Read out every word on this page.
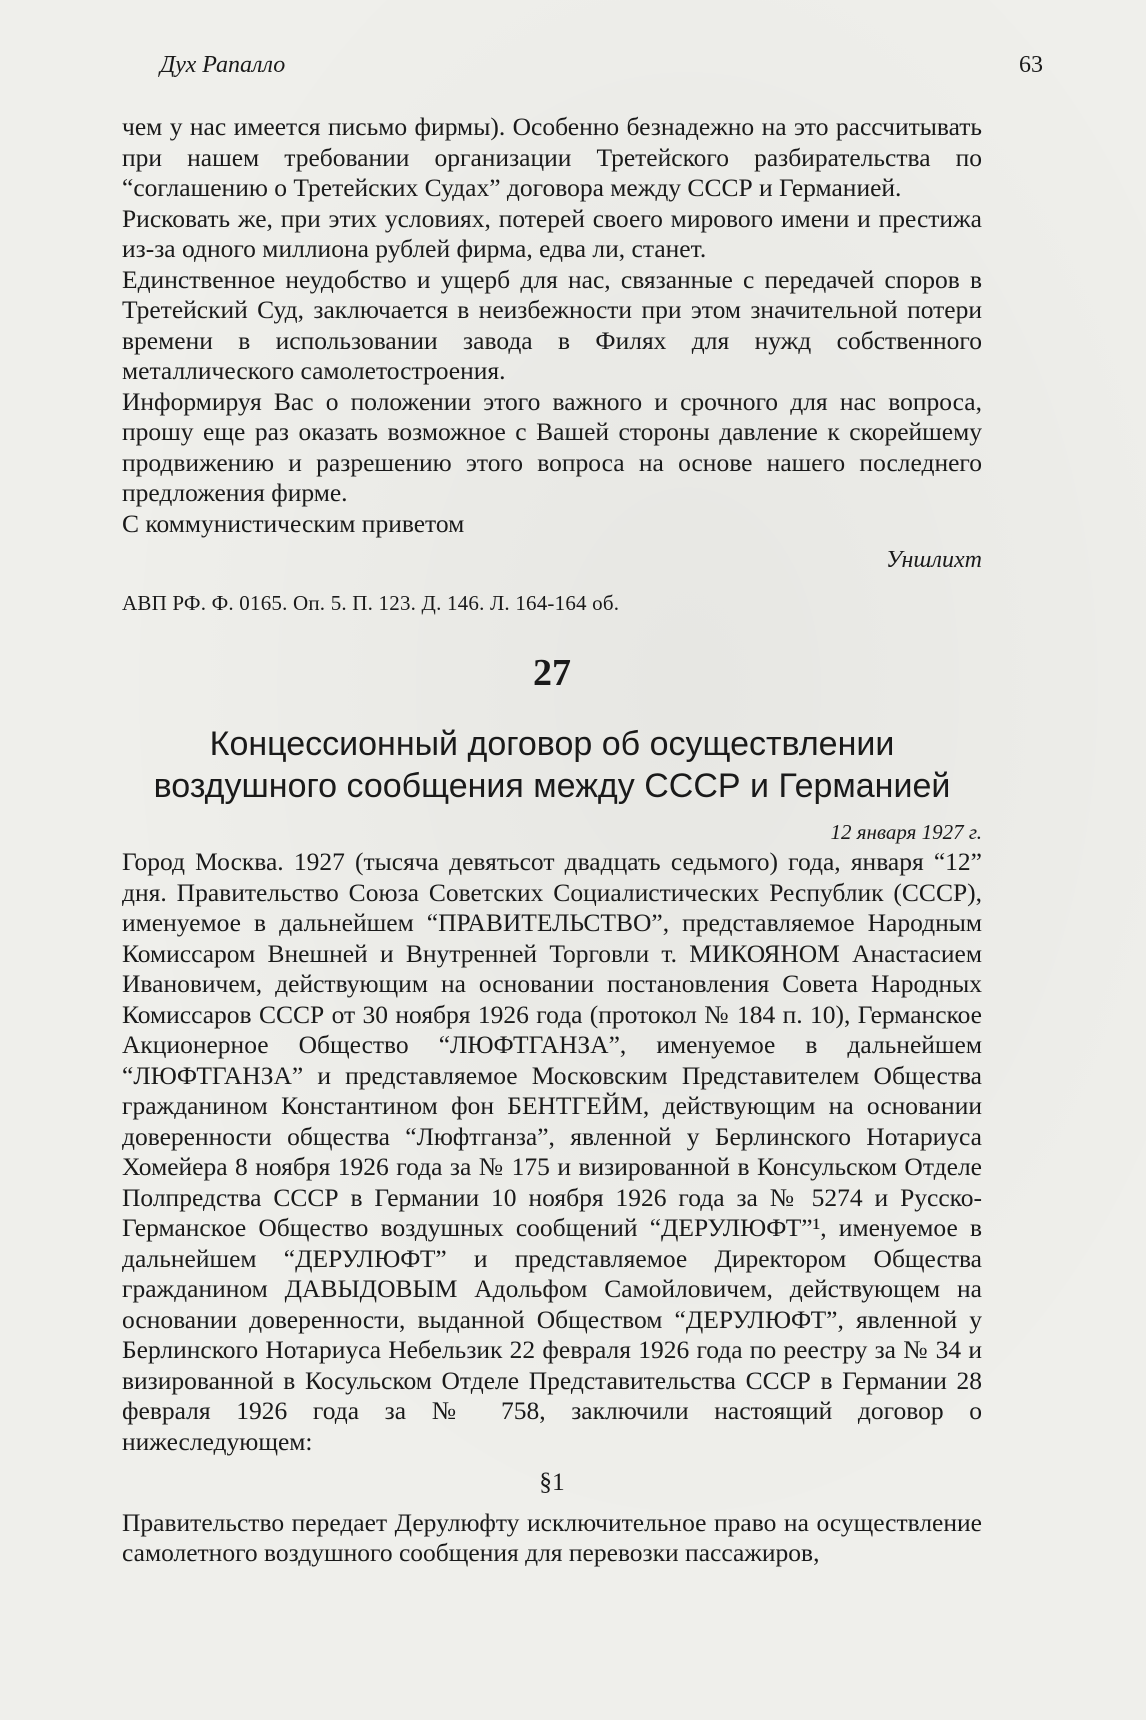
Дух Рапалло	63

чем у нас имеется письмо фирмы). Особенно безнадежно на это рассчитывать при нашем требовании организации Третейского разбирательства по “соглашению о Третейских Судах” договора между СССР и Германией.

Рисковать же, при этих условиях, потерей своего мирового имени и престижа из-за одного миллиона рублей фирма, едва ли, станет.

Единственное неудобство и ущерб для нас, связанные с передачей споров в Третейский Суд, заключается в неизбежности при этом значительной потери времени в использовании завода в Филях для нужд собственного металлического самолетостроения.

Информируя Вас о положении этого важного и срочного для нас вопроса, прошу еще раз оказать возможное с Вашей стороны давление к скорейшему продвижению и разрешению этого вопроса на основе нашего последнего предложения фирме.

С коммунистическим приветом

Уншлихт
АВП РФ. Ф. 0165. Оп. 5. П. 123. Д. 146. Л. 164-164 об.
27
Концессионный договор об осуществлении
воздушного сообщения между СССР и Германией
12 января 1927 г.

Город Москва. 1927 (тысяча девятьсот двадцать седьмого) года, января “12” дня. Правительство Союза Советских Социалистических Республик (СССР), именуемое в дальнейшем “ПРАВИТЕЛЬСТВО”, представляемое Народным Комиссаром Внешней и Внутренней Торговли т. МИКОЯНОМ Анастасием Ивановичем, действующим на основании постановления Совета Народных Комиссаров СССР от 30 ноября 1926 года (протокол № 184 п. 10), Германское Акционерное Общество “ЛЮФТГАНЗА”, именуемое в дальнейшем “ЛЮФТГАНЗА” и представляемое Московским Представителем Общества гражданином Константином фон БЕНТГЕЙМ, действующим на основании доверенности общества “Люфтганза”, явленной у Берлинского Нотариуса Хомейера 8 ноября 1926 года за № 175 и визированной в Консульском Отделе Полпредства СССР в Германии 10 ноября 1926 года за № 5274 и Русско-Германское Общество воздушных сообщений “ДЕРУЛЮФТ”¹, именуемое в дальнейшем “ДЕРУЛЮФТ” и представляемое Директором Общества гражданином ДАВЫДОВЫМ Адольфом Самойловичем, действующем на основании доверенности, выданной Обществом “ДЕРУЛЮФТ”, явленной у Берлинского Нотариуса Небельзик 22 февраля 1926 года по реестру за № 34 и визированной в Косульском Отделе Представительства СССР в Германии 28 февраля 1926 года за № 758, заключили настоящий договор о нижеследующем:

§1

Правительство передает Дерулюфту исключительное право на осуществление самолетного воздушного сообщения для перевозки пассажиров,
